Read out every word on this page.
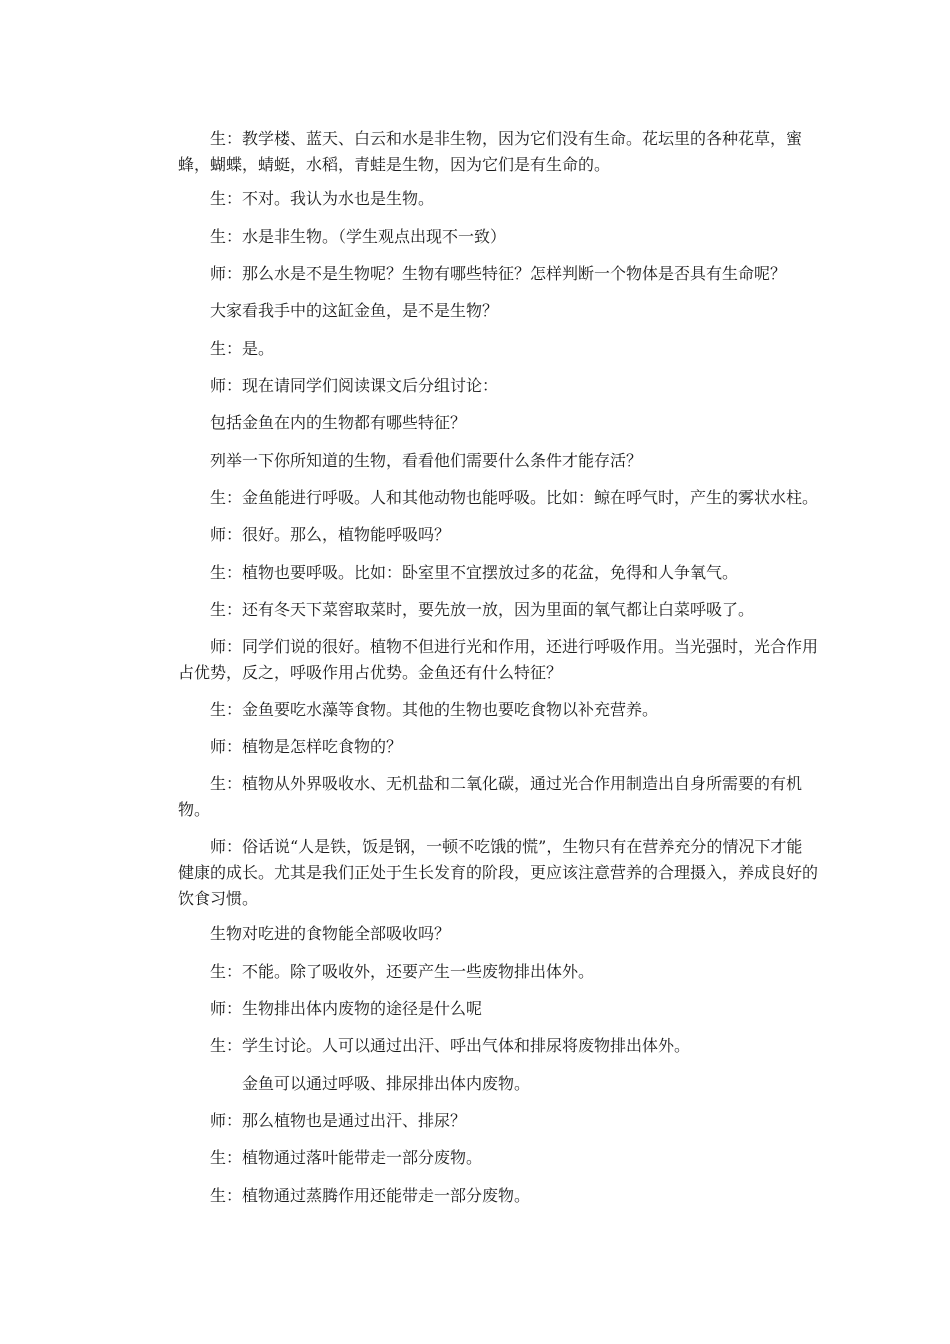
生：教学楼、蓝天、白云和水是非生物，因为它们没有生命。花坛里的各种花草，蜜蜂，蝴蝶，蜻蜓，水稻，青蛙是生物，因为它们是有生命的。

生：不对。我认为水也是生物。

生：水是非生物。（学生观点出现不一致）

师：那么水是不是生物呢？生物有哪些特征？怎样判断一个物体是否具有生命呢？

大家看我手中的这缸金鱼，是不是生物？

生：是。

师：现在请同学们阅读课文后分组讨论：

包括金鱼在内的生物都有哪些特征？

列举一下你所知道的生物，看看他们需要什么条件才能存活？

生：金鱼能进行呼吸。人和其他动物也能呼吸。比如：鲸在呼气时，产生的雾状水柱。

师：很好。那么，植物能呼吸吗？

生：植物也要呼吸。比如：卧室里不宜摆放过多的花盆，免得和人争氧气。

生：还有冬天下菜窖取菜时，要先放一放，因为里面的氧气都让白菜呼吸了。

师：同学们说的很好。植物不但进行光和作用，还进行呼吸作用。当光强时，光合作用占优势，反之，呼吸作用占优势。金鱼还有什么特征？

生：金鱼要吃水藻等食物。其他的生物也要吃食物以补充营养。

师：植物是怎样吃食物的？

生：植物从外界吸收水、无机盐和二氧化碳，通过光合作用制造出自身所需要的有机物。

师：俗话说“人是铁，饭是钢，一顿不吃饿的慌”，生物只有在营养充分的情况下才能健康的成长。尤其是我们正处于生长发育的阶段，更应该注意营养的合理摄入，养成良好的饮食习惯。

生物对吃进的食物能全部吸收吗？

生：不能。除了吸收外，还要产生一些废物排出体外。

师：生物排出体内废物的途径是什么呢

生：学生讨论。人可以通过出汗、呼出气体和排尿将废物排出体外。

金鱼可以通过呼吸、排尿排出体内废物。

师：那么植物也是通过出汗、排尿？

生：植物通过落叶能带走一部分废物。

生：植物通过蒸腾作用还能带走一部分废物。
